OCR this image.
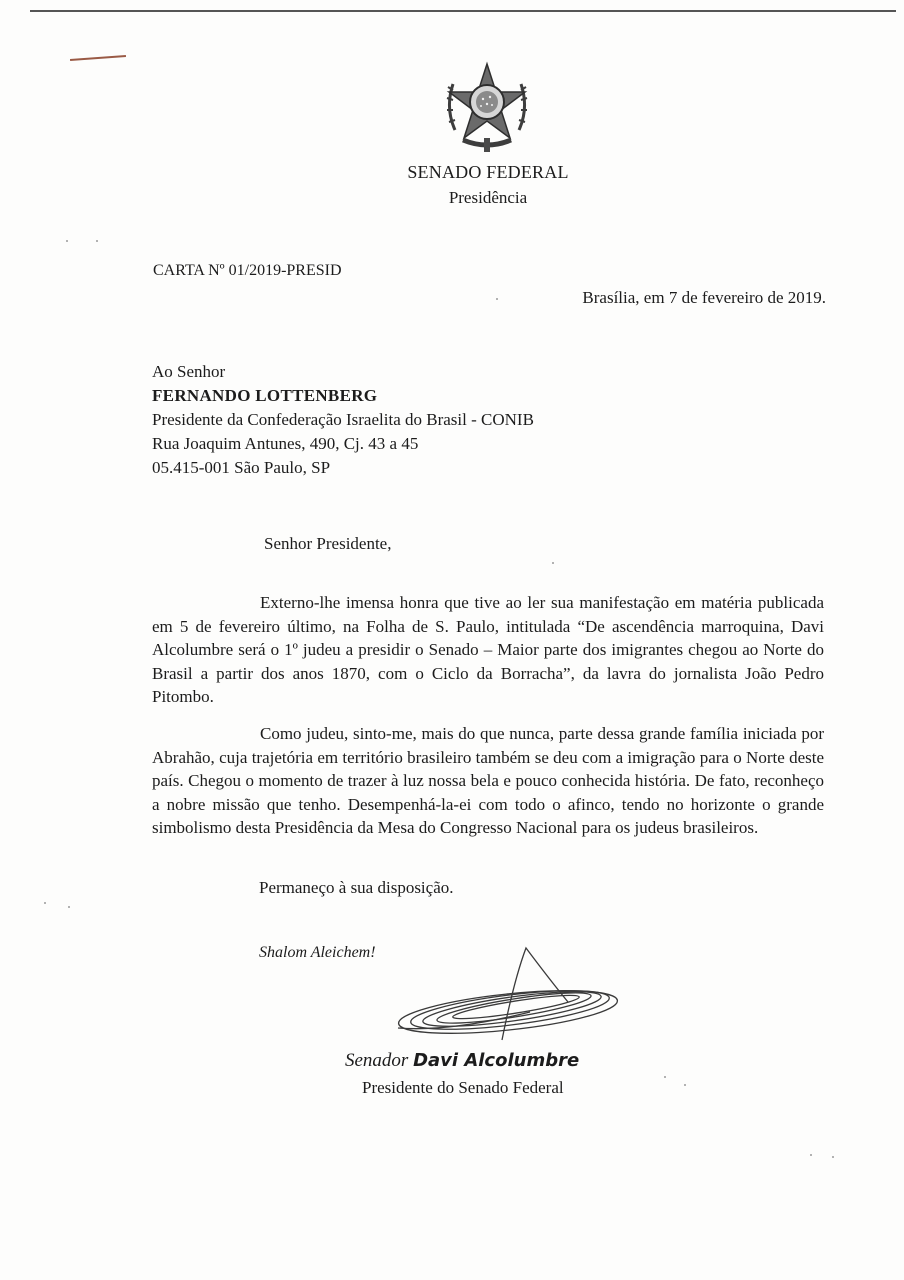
SENADO FEDERAL
Presidência
CARTA Nº 01/2019-PRESID
Brasília, em 7 de fevereiro de 2019.
Ao Senhor
FERNANDO LOTTENBERG
Presidente da Confederação Israelita do Brasil - CONIB
Rua Joaquim Antunes, 490, Cj. 43 a 45
05.415-001 São Paulo, SP
Senhor Presidente,

Externo-lhe imensa honra que tive ao ler sua manifestação em matéria publicada em 5 de fevereiro último, na Folha de S. Paulo, intitulada “De ascendência marroquina, Davi Alcolumbre será o 1º judeu a presidir o Senado – Maior parte dos imigrantes chegou ao Norte do Brasil a partir dos anos 1870, com o Ciclo da Borracha”, da lavra do jornalista João Pedro Pitombo.

Como judeu, sinto-me, mais do que nunca, parte dessa grande família iniciada por Abrahão, cuja trajetória em território brasileiro também se deu com a imigração para o Norte deste país. Chegou o momento de trazer à luz nossa bela e pouco conhecida história. De fato, reconheço a nobre missão que tenho. Desempenhá-la-ei com todo o afinco, tendo no horizonte o grande simbolismo desta Presidência da Mesa do Congresso Nacional para os judeus brasileiros.

Permaneço à sua disposição.
Shalom Aleichem!
Senador Davi Alcolumbre
Presidente do Senado Federal
